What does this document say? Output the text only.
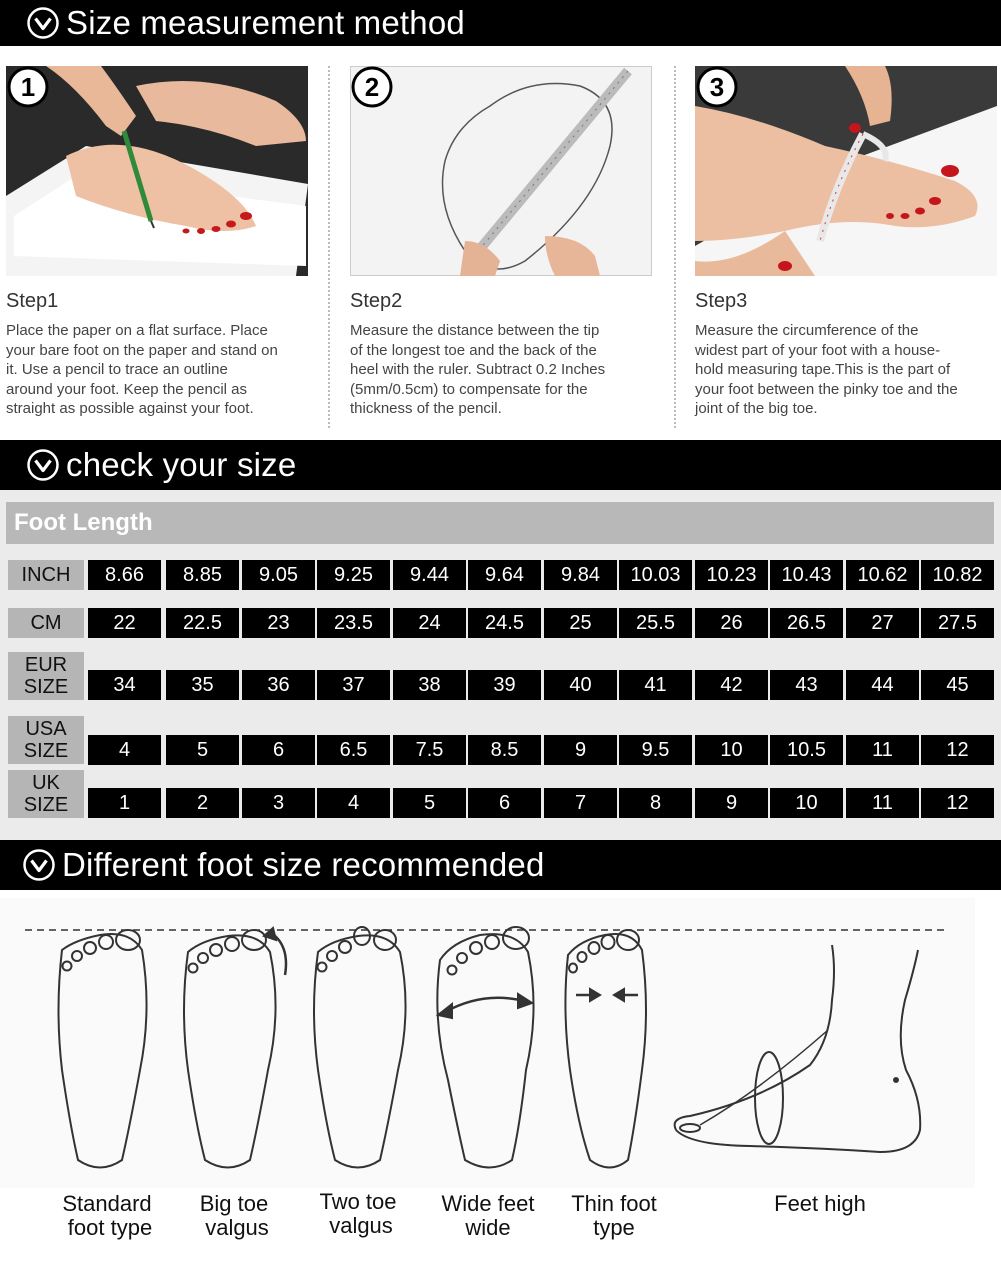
Size measurement method
1
Step1
Place the paper on a flat surface. Place
your bare foot on the paper and stand on
it. Use a pencil to trace an outline
around your foot. Keep the pencil as
straight as possible against your foot.
2
Step2
Measure the distance between the tip
of the longest toe and the back of the
heel with the ruler. Subtract 0.2 Inches
(5mm/0.5cm) to compensate for the
thickness of the pencil.
3
Step3
Measure the circumference of the
widest part of your foot with a house-
hold measuring tape.This is the part of
your foot between the pinky toe and the
joint of the big toe.
check your size
Foot Length
INCH	8.66	8.85	9.05	9.25	9.44	9.64	9.84	10.03	10.23	10.43	10.62	10.82
CM	22	22.5	23	23.5	24	24.5	25	25.5	26	26.5	27	27.5
EUR SIZE	34	35	36	37	38	39	40	41	42	43	44	45
USA SIZE	4	5	6	6.5	7.5	8.5	9	9.5	10	10.5	11	12
UK SIZE	1	2	3	4	5	6	7	8	9	10	11	12
Different foot size recommended
Standard
foot type
Big toe
valgus
Two toe
valgus
Wide feet
wide
Thin foot
type
Feet high
